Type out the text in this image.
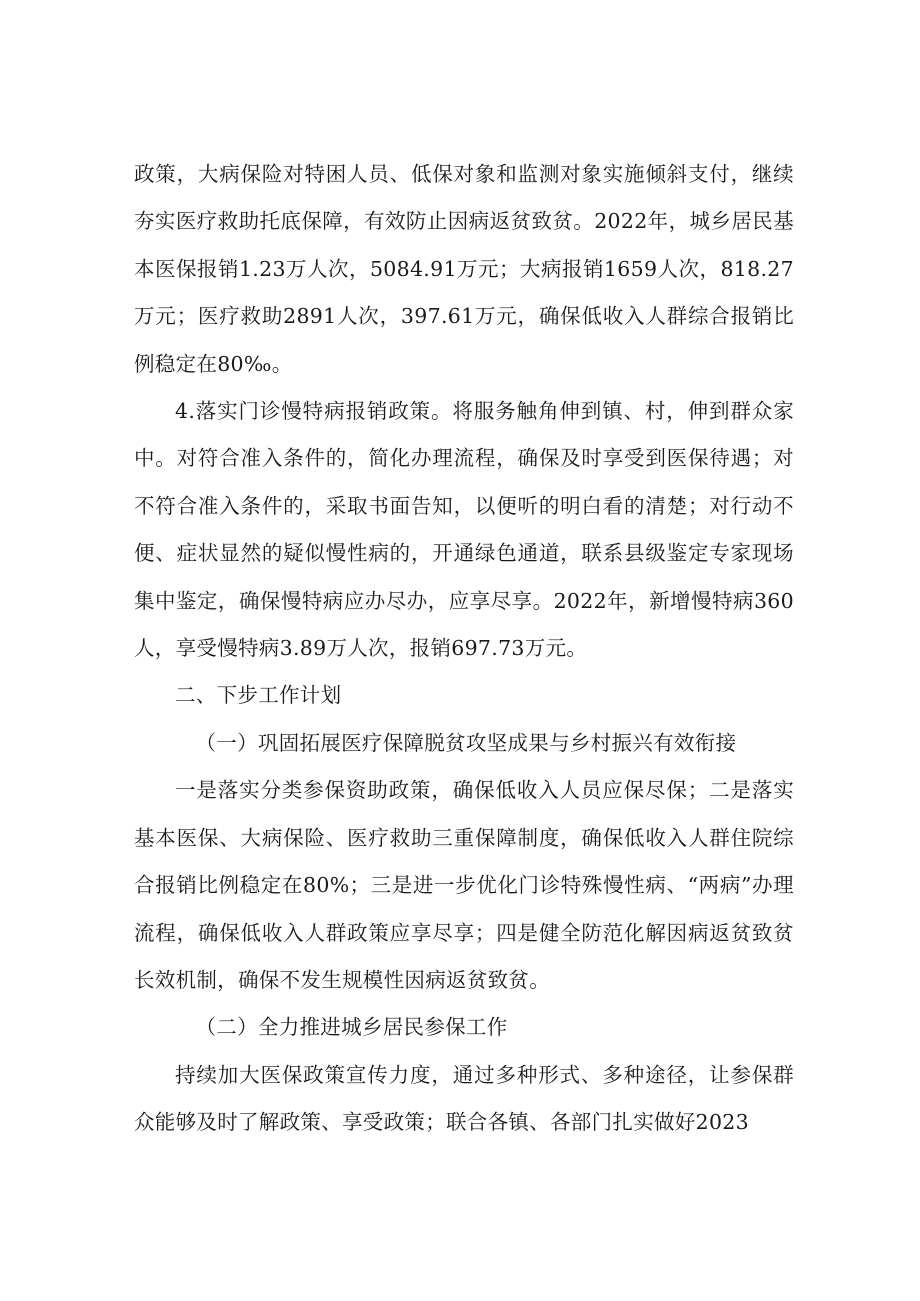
政策，大病保险对特困人员、低保对象和监测对象实施倾斜支付，继续夯实医疗救助托底保障，有效防止因病返贫致贫。2022年，城乡居民基本医保报销1.23万人次，5084.91万元；大病报销1659人次，818.27万元；医疗救助2891人次，397.61万元，确保低收入人群综合报销比例稳定在80‰。

4.落实门诊慢特病报销政策。将服务触角伸到镇、村，伸到群众家中。对符合准入条件的，简化办理流程，确保及时享受到医保待遇；对不符合准入条件的，采取书面告知，以便听的明白看的清楚；对行动不便、症状显然的疑似慢性病的，开通绿色通道，联系县级鉴定专家现场集中鉴定，确保慢特病应办尽办，应享尽享。2022年，新增慢特病360人，享受慢特病3.89万人次，报销697.73万元。

二、下步工作计划

（一）巩固拓展医疗保障脱贫攻坚成果与乡村振兴有效衔接

一是落实分类参保资助政策，确保低收入人员应保尽保；二是落实基本医保、大病保险、医疗救助三重保障制度，确保低收入人群住院综合报销比例稳定在80%；三是进一步优化门诊特殊慢性病、“两病”办理流程，确保低收入人群政策应享尽享；四是健全防范化解因病返贫致贫长效机制，确保不发生规模性因病返贫致贫。

（二）全力推进城乡居民参保工作

持续加大医保政策宣传力度，通过多种形式、多种途径，让参保群众能够及时了解政策、享受政策；联合各镇、各部门扎实做好2023
